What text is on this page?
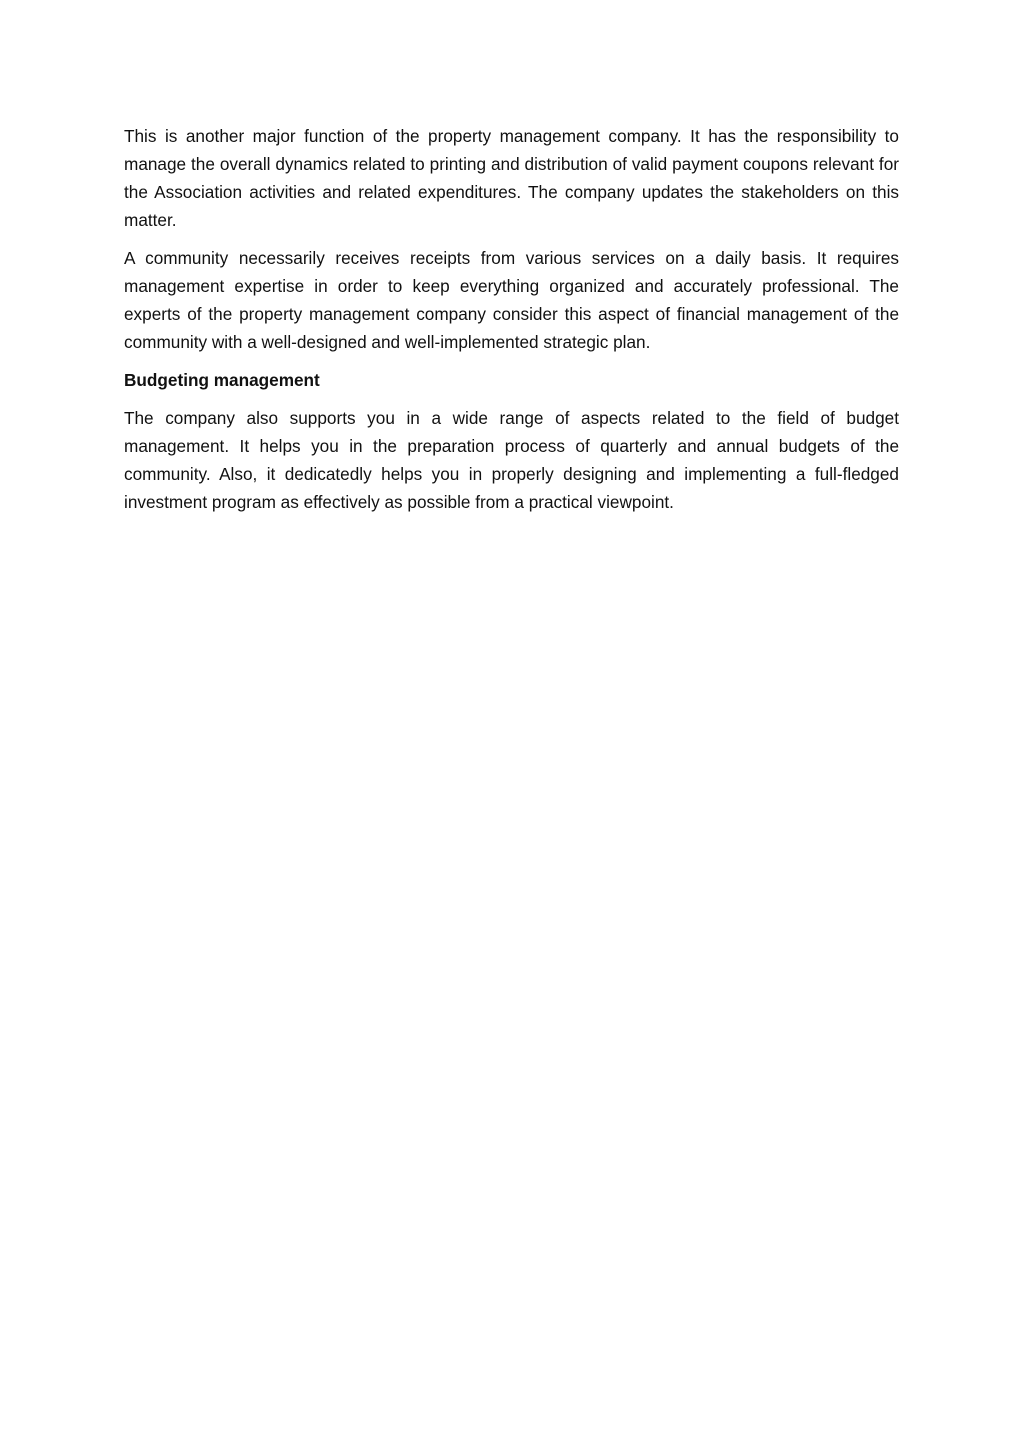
This is another major function of the property management company. It has the responsibility to manage the overall dynamics related to printing and distribution of valid payment coupons relevant for the Association activities and related expenditures. The company updates the stakeholders on this matter.

A community necessarily receives receipts from various services on a daily basis. It requires management expertise in order to keep everything organized and accurately professional. The experts of the property management company consider this aspect of financial management of the community with a well-designed and well-implemented strategic plan.

Budgeting management

The company also supports you in a wide range of aspects related to the field of budget management. It helps you in the preparation process of quarterly and annual budgets of the community. Also, it dedicatedly helps you in properly designing and implementing a full-fledged investment program as effectively as possible from a practical viewpoint.
